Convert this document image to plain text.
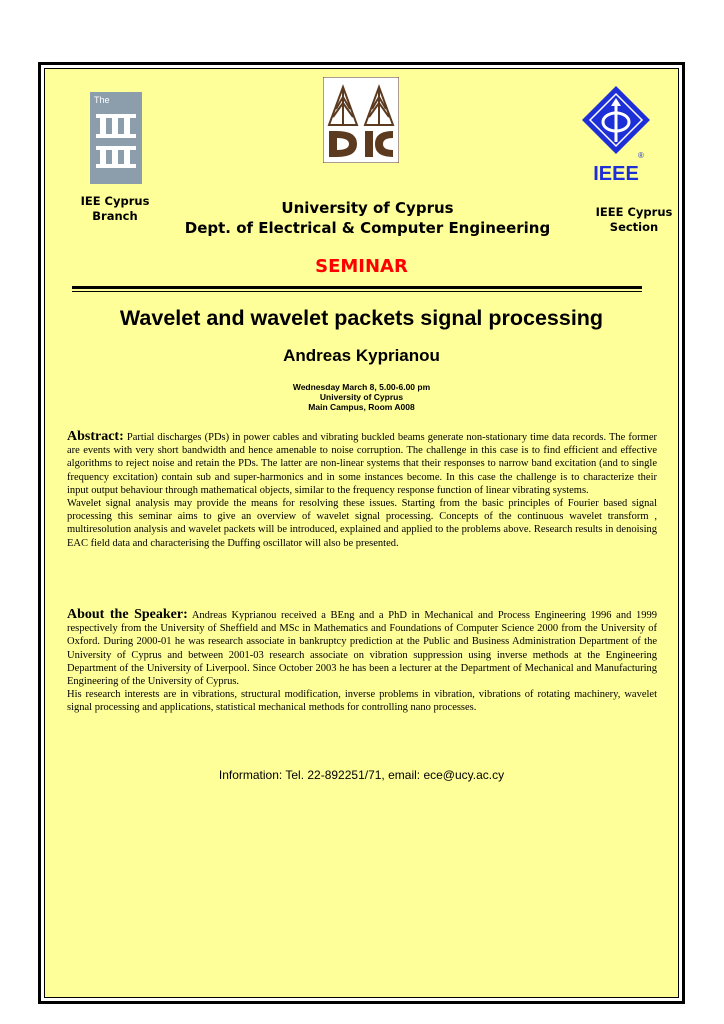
The
®
IEEE
IEE Cyprus
Branch	University of Cyprus
Dept. of Electrical & Computer Engineering
IEEE Cyprus
Section
SEMINAR
Wavelet and wavelet packets signal processing
Andreas Kyprianou
Wednesday March 8, 5.00-6.00 pm
University of Cyprus
Main Campus, Room A008

Abstract: Partial discharges (PDs) in power cables and vibrating buckled beams generate non-stationary time data records. The former are events with very short bandwidth and hence amenable to noise corruption. The challenge in this case is to find efficient and effective algorithms to reject noise and retain the PDs. The latter are non-linear systems that their responses to narrow band excitation (and to single frequency excitation) contain sub and super-harmonics and in some instances become. In this case the challenge is to characterize their input output behaviour through mathematical objects, similar to the frequency response function of linear vibrating systems.

Wavelet signal analysis may provide the means for resolving these issues. Starting from the basic principles of Fourier based signal processing this seminar aims to give an overview of wavelet signal processing. Concepts of the continuous wavelet transform , multiresolution analysis and wavelet packets will be introduced, explained and applied to the problems above. Research results in denoising EAC field data and characterising the Duffing oscillator will also be presented.

About the Speaker: Andreas Kyprianou received a BEng and a PhD in Mechanical and Process Engineering 1996 and 1999 respectively from the University of Sheffield and MSc in Mathematics and Foundations of Computer Science 2000 from the University of Oxford. During 2000-01 he was research associate in bankruptcy prediction at the Public and Business Administration Department of the University of Cyprus and between 2001-03 research associate on vibration suppression using inverse methods at the Engineering Department of the University of Liverpool. Since October 2003 he has been a lecturer at the Department of Mechanical and Manufacturing Engineering of the University of Cyprus.

His research interests are in vibrations, structural modification, inverse problems in vibration, vibrations of rotating machinery, wavelet signal processing and applications, statistical mechanical methods for controlling nano processes.

Information: Tel. 22-892251/71, email: ece@ucy.ac.cy
